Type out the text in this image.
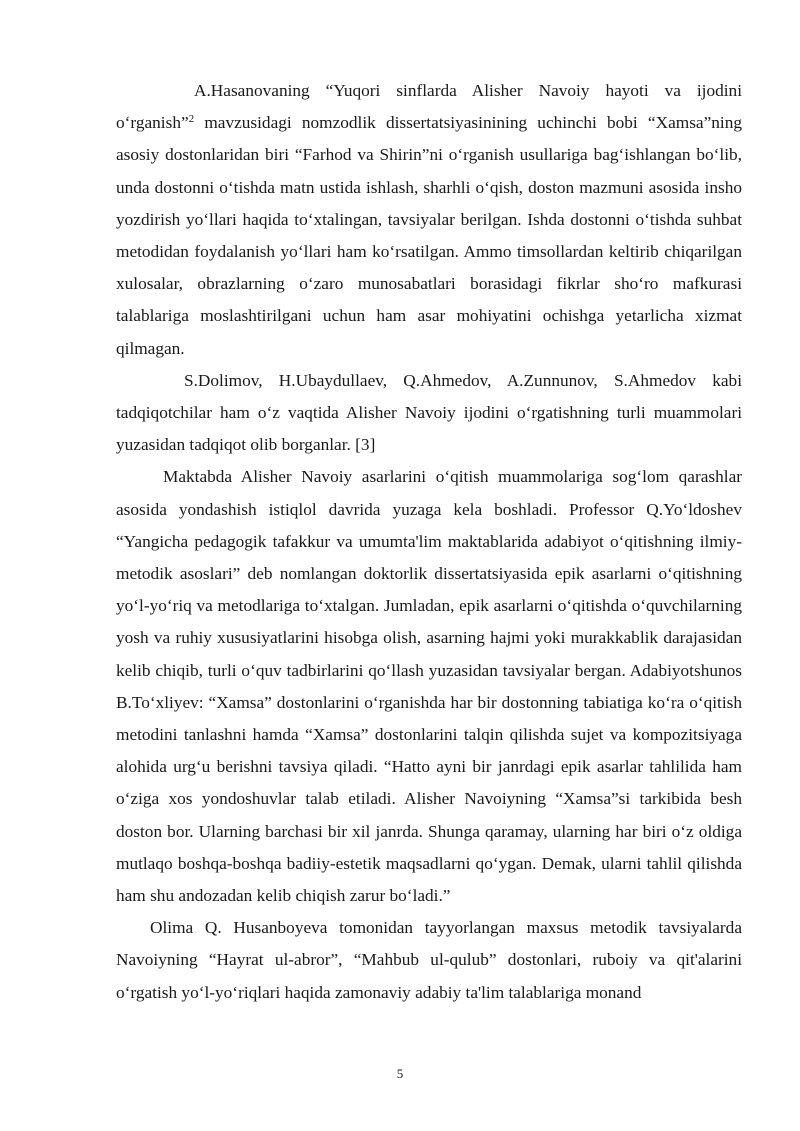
A.Hasanovaning “Yuqori sinflarda Alisher Navoiy hayoti va ijodini o‘rganish”$^2$ mavzusidagi nomzodlik dissertatsiyasinining uchinchi bobi “Xamsa”ning asosiy dostonlaridan biri “Farhod va Shirin”ni o‘rganish usullariga bag‘ishlangan bo‘lib, unda dostonni o‘tishda matn ustida ishlash, sharhli o‘qish, doston mazmuni asosida insho yozdirish yo‘llari haqida to‘xtalingan, tavsiyalar berilgan. Ishda dostonni o‘tishda suhbat metodidan foydalanish yo‘llari ham ko‘rsatilgan. Ammo timsollardan keltirib chiqarilgan xulosalar, obrazlarning o‘zaro munosabatlari borasidagi fikrlar sho‘ro mafkurasi talablariga moslashtirilgani uchun ham asar mohiyatini ochishga yetarlicha xizmat qilmagan.

S.Dolimov, H.Ubaydullaev, Q.Ahmedov, A.Zunnunov, S.Ahmedov kabi tadqiqotchilar ham o‘z vaqtida Alisher Navoiy ijodini o‘rgatishning turli muammolari yuzasidan tadqiqot olib borganlar. [3]

Maktabda Alisher Navoiy asarlarini o‘qitish muammolariga sog‘lom qarashlar asosida yondashish istiqlol davrida yuzaga kela boshladi. Professor Q.Yo‘ldoshev “Yangicha pedagogik tafakkur va umumta'lim maktablarida adabiyot o‘qitishning ilmiy-metodik asoslari” deb nomlangan doktorlik dissertatsiyasida epik asarlarni o‘qitishning yo‘l-yo‘riq va metodlariga to‘xtalgan. Jumladan, epik asarlarni o‘qitishda o‘quvchilarning yosh va ruhiy xususiyatlarini hisobga olish, asarning hajmi yoki murakkablik darajasidan kelib chiqib, turli o‘quv tadbirlarini qo‘llash yuzasidan tavsiyalar bergan. Adabiyotshunos B.To‘xliyev: “Xamsa” dostonlarini o‘rganishda har bir dostonning tabiatiga ko‘ra o‘qitish metodini tanlashni hamda “Xamsa” dostonlarini talqin qilishda sujet va kompozitsiyaga alohida urg‘u berishni tavsiya qiladi. “Hatto ayni bir janrdagi epik asarlar tahlilida ham o‘ziga xos yondoshuvlar talab etiladi. Alisher Navoiyning “Xamsa”si tarkibida besh doston bor. Ularning barchasi bir xil janrda. Shunga qaramay, ularning har biri o‘z oldiga mutlaqo boshqa-boshqa badiiy-estetik maqsadlarni qo‘ygan. Demak, ularni tahlil qilishda ham shu andozadan kelib chiqish zarur bo‘ladi.”

Olima Q. Husanboyeva tomonidan tayyorlangan maxsus metodik tavsiyalarda Navoiyning “Hayrat ul-abror”, “Mahbub ul-qulub” dostonlari, ruboiy va qit'alarini o‘rgatish yo‘l-yo‘riqlari haqida zamonaviy adabiy ta'lim talablariga monand

5
